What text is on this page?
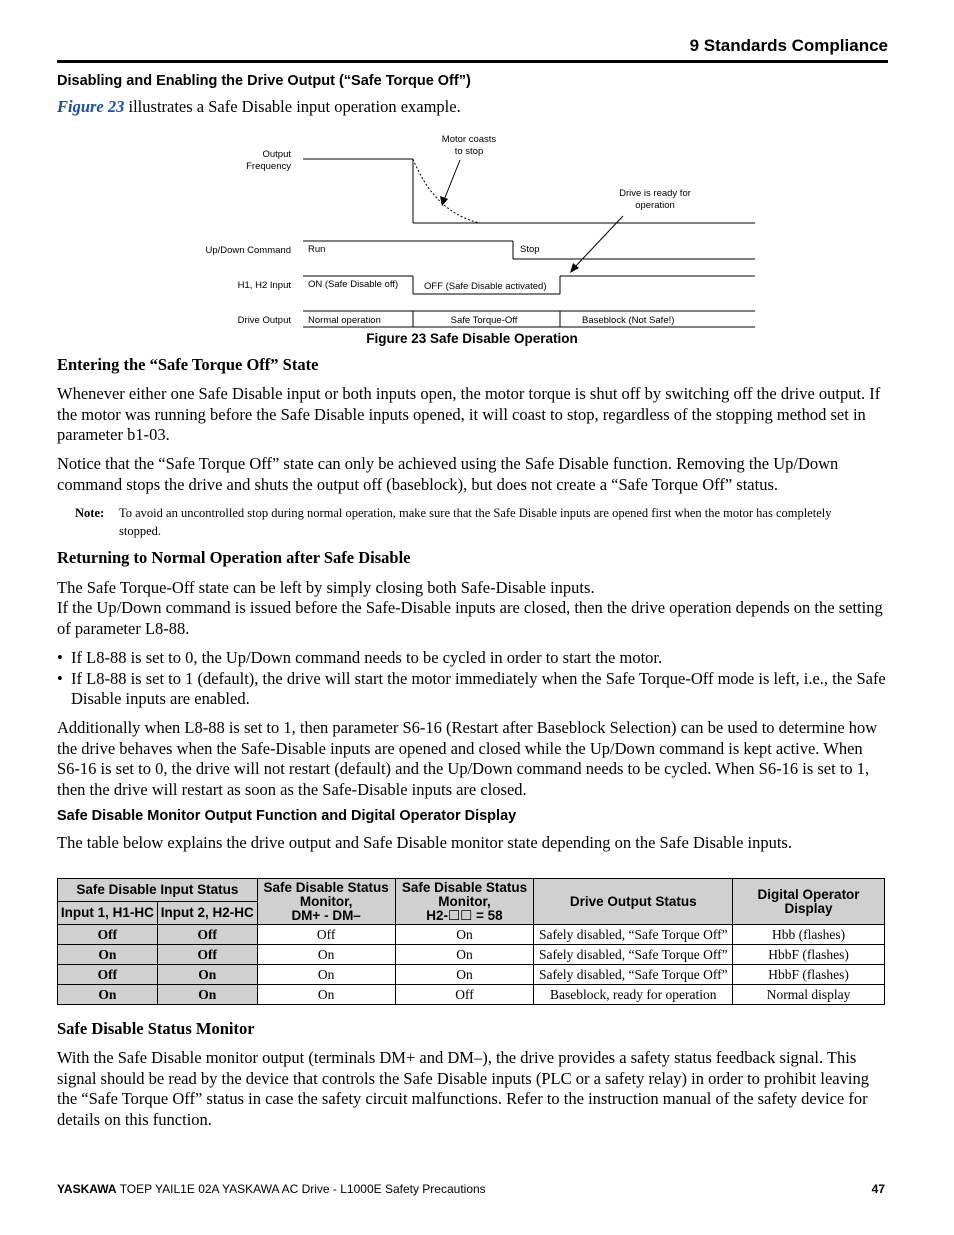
9 Standards Compliance
Disabling and Enabling the Drive Output (“Safe Torque Off”)
Figure 23 illustrates a Safe Disable input operation example.
Output
Frequency
Up/Down Command
H1, H2 Input
Drive Output
Motor coasts
to stop
Drive is ready for
operation
Run	Stop
ON (Safe Disable off)	OFF (Safe Disable activated)
Normal operation	Safe Torque-Off	Baseblock (Not Safe!)
Figure 23 Safe Disable Operation
Entering the “Safe Torque Off” State
Whenever either one Safe Disable input or both inputs open, the motor torque is shut off by switching off the drive output. If the motor was running before the Safe Disable inputs opened, it will coast to stop, regardless of the stopping method set in parameter b1-03.
Notice that the “Safe Torque Off” state can only be achieved using the Safe Disable function. Removing the Up/Down command stops the drive and shuts the output off (baseblock), but does not create a “Safe Torque Off” status.
Note: To avoid an uncontrolled stop during normal operation, make sure that the Safe Disable inputs are opened first when the motor has completely stopped.
Returning to Normal Operation after Safe Disable
The Safe Torque-Off state can be left by simply closing both Safe-Disable inputs.
If the Up/Down command is issued before the Safe-Disable inputs are closed, then the drive operation depends on the setting of parameter L8-88.
• If L8-88 is set to 0, the Up/Down command needs to be cycled in order to start the motor.
• If L8-88 is set to 1 (default), the drive will start the motor immediately when the Safe Torque-Off mode is left, i.e., the Safe Disable inputs are enabled.
Additionally when L8-88 is set to 1, then parameter S6-16 (Restart after Baseblock Selection) can be used to determine how the drive behaves when the Safe-Disable inputs are opened and closed while the Up/Down command is kept active. When S6-16 is set to 0, the drive will not restart (default) and the Up/Down command needs to be cycled. When S6-16 is set to 1, then the drive will restart as soon as the Safe-Disable inputs are closed.
Safe Disable Monitor Output Function and Digital Operator Display
The table below explains the drive output and Safe Disable monitor state depending on the Safe Disable inputs.
Safe Disable Input Status		Safe Disable Status
Monitor,
DM+ - DM–	Safe Disable Status
Monitor,
H2-☐☐ = 58	Drive Output Status	Digital Operator
Display
Input 1, H1-HC	Input 2, H2-HC				
Off	Off	Off	On	Safely disabled, “Safe Torque Off”	Hbb (flashes)
On	Off	On	On	Safely disabled, “Safe Torque Off”	HbbF (flashes)
Off	On	On	On	Safely disabled, “Safe Torque Off”	HbbF (flashes)
On	On	On	Off	Baseblock, ready for operation	Normal display
Safe Disable Status Monitor
With the Safe Disable monitor output (terminals DM+ and DM–), the drive provides a safety status feedback signal. This signal should be read by the device that controls the Safe Disable inputs (PLC or a safety relay) in order to prohibit leaving the “Safe Torque Off” status in case the safety circuit malfunctions. Refer to the instruction manual of the safety device for details on this function.
YASKAWA TOEP YAIL1E 02A YASKAWA AC Drive - L1000E Safety Precautions	47
